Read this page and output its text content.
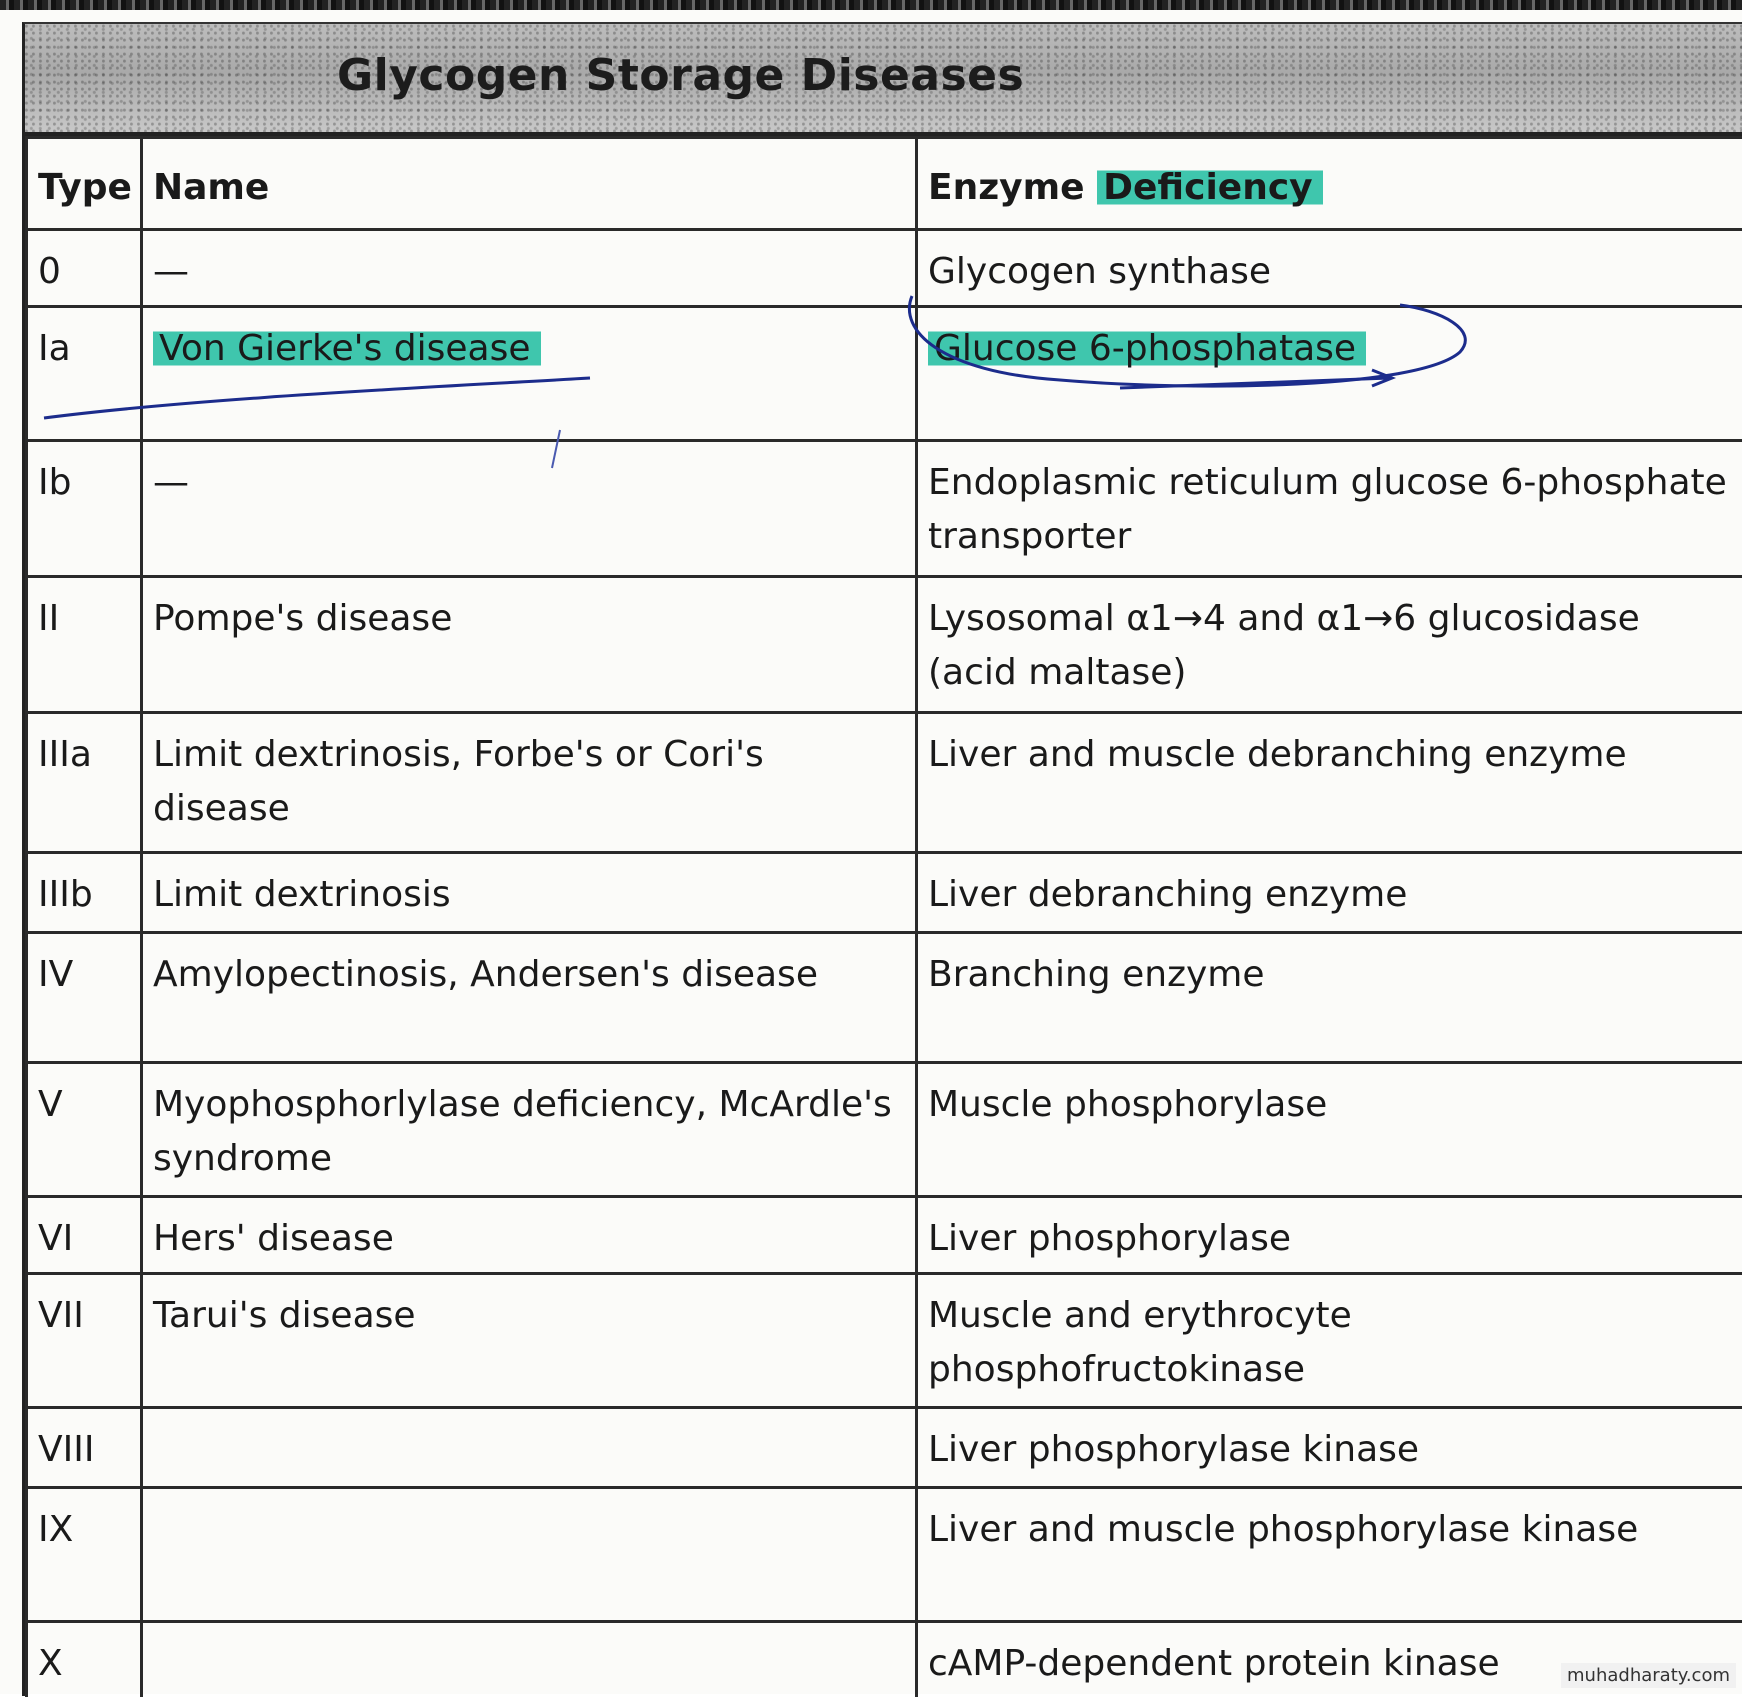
Glycogen Storage Diseases
Type	Name	Enzyme Deficiency
0	—	Glycogen synthase
Ia	Von Gierke's disease	Glucose 6-phosphatase
Ib	—	Endoplasmic reticulum glucose 6-phosphate transporter
II	Pompe's disease	Lysosomal α1→4 and α1→6 glucosidase (acid maltase)
IIIa	Limit dextrinosis, Forbe's or Cori's disease	Liver and muscle debranching enzyme
IIIb	Limit dextrinosis	Liver debranching enzyme
IV	Amylopectinosis, Andersen's disease	Branching enzyme
V	Myophosphorlylase deficiency, McArdle's syndrome	Muscle phosphorylase
VI	Hers' disease	Liver phosphorylase
VII	Tarui's disease	Muscle and erythrocyte phosphofructokinase
VIII		Liver phosphorylase kinase
IX		Liver and muscle phosphorylase kinase
X		cAMP-dependent protein kinase	muhadharaty.com
